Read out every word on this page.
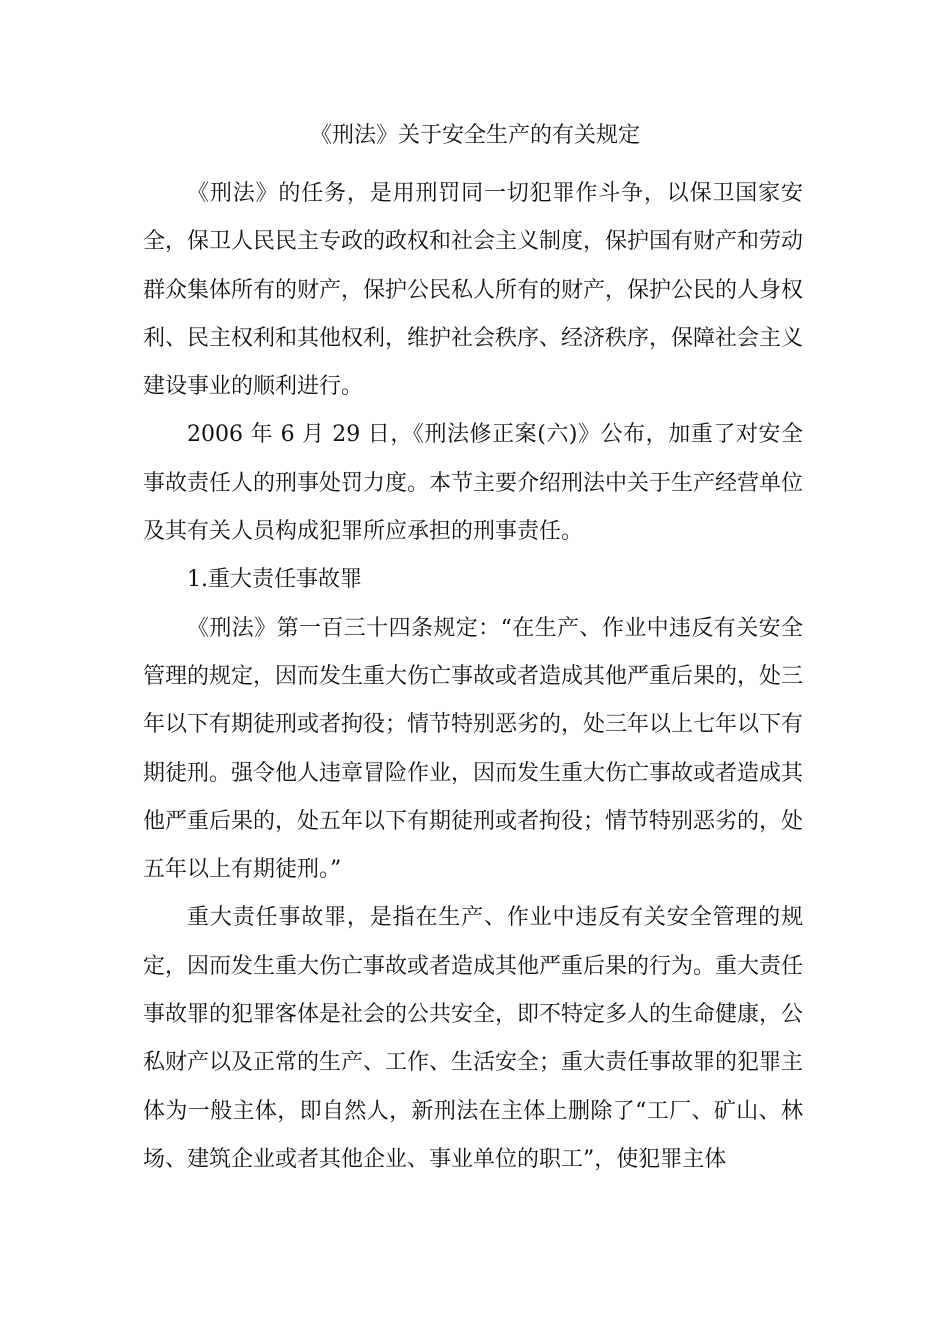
《刑法》关于安全生产的有关规定

《刑法》的任务，是用刑罚同一切犯罪作斗争，以保卫国家安全，保卫人民民主专政的政权和社会主义制度，保护国有财产和劳动群众集体所有的财产，保护公民私人所有的财产，保护公民的人身权利、民主权利和其他权利，维护社会秩序、经济秩序，保障社会主义建设事业的顺利进行。

2006 年 6 月 29 日，《刑法修正案(六)》公布，加重了对安全事故责任人的刑事处罚力度。本节主要介绍刑法中关于生产经营单位及其有关人员构成犯罪所应承担的刑事责任。

1.重大责任事故罪

《刑法》第一百三十四条规定：“在生产、作业中违反有关安全管理的规定，因而发生重大伤亡事故或者造成其他严重后果的，处三年以下有期徒刑或者拘役；情节特别恶劣的，处三年以上七年以下有期徒刑。强令他人违章冒险作业，因而发生重大伤亡事故或者造成其他严重后果的，处五年以下有期徒刑或者拘役；情节特别恶劣的，处五年以上有期徒刑。”

重大责任事故罪，是指在生产、作业中违反有关安全管理的规定，因而发生重大伤亡事故或者造成其他严重后果的行为。重大责任事故罪的犯罪客体是社会的公共安全，即不特定多人的生命健康，公私财产以及正常的生产、工作、生活安全；重大责任事故罪的犯罪主体为一般主体，即自然人，新刑法在主体上删除了“工厂、矿山、林场、建筑企业或者其他企业、事业单位的职工”，使犯罪主体
